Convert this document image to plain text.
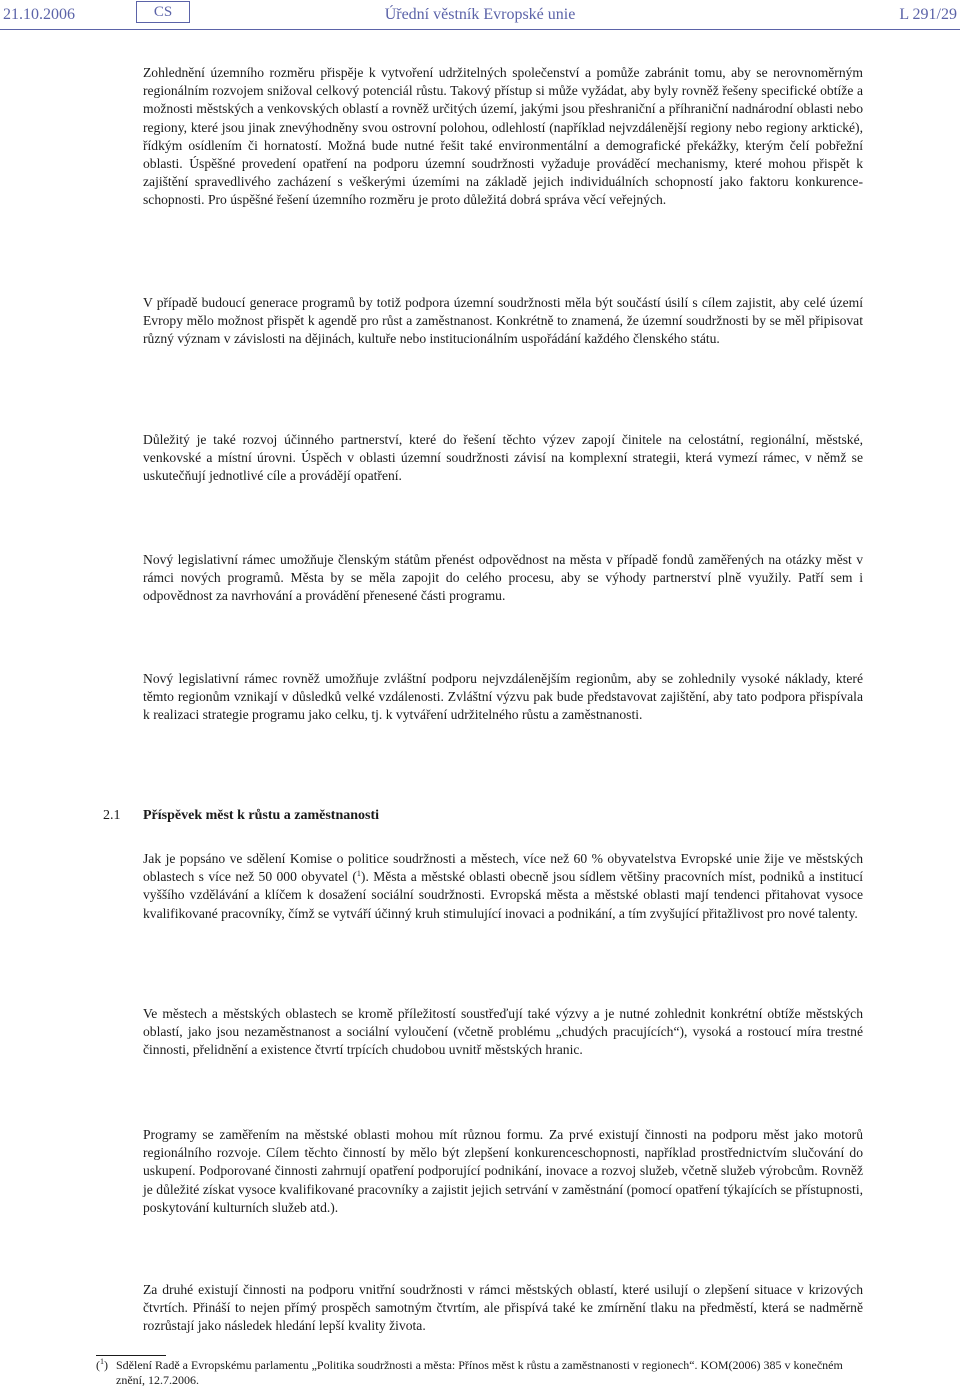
21.10.2006	CS	Úřední věstník Evropské unie	L 291/29

Zohlednění územního rozměru přispěje k vytvoření udržitelných společenství a pomůže zabránit tomu, aby se nerovnoměrným regionálním rozvojem snižoval celkový potenciál růstu. Takový přístup si může vyžádat, aby byly rovněž řešeny specifické obtíže a možnosti městských a venkovských oblastí a rovněž určitých území, jakými jsou přeshraniční a příhraniční nadnárodní oblasti nebo regiony, které jsou jinak znevýhodněny svou ostrovní polohou, odlehlostí (například nejvzdálenější regiony nebo regiony arktické), řídkým osídlením či hornatostí. Možná bude nutné řešit také environmentální a demografické překážky, kterým čelí pobřežní oblasti. Úspěšné provedení opatření na podporu územní soudržnosti vyžaduje prováděcí mechanismy, které mohou přispět k zajištění spravedlivého zacházení s veškerými územími na základě jejich individuálních schopností jako faktoru konkurenceschopnosti. Pro úspěšné řešení územního rozměru je proto důležitá dobrá správa věcí veřejných.

V případě budoucí generace programů by totiž podpora územní soudržnosti měla být součástí úsilí s cílem zajistit, aby celé území Evropy mělo možnost přispět k agendě pro růst a zaměstnanost. Konkrétně to znamená, že územní soudržnosti by se měl připisovat různý význam v závislosti na dějinách, kultuře nebo institucionálním uspořádání každého členského státu.

Důležitý je také rozvoj účinného partnerství, které do řešení těchto výzev zapojí činitele na celostátní, regionální, městské, venkovské a místní úrovni. Úspěch v oblasti územní soudržnosti závisí na komplexní strategii, která vymezí rámec, v němž se uskutečňují jednotlivé cíle a provádějí opatření.

Nový legislativní rámec umožňuje členským státům přenést odpovědnost na města v případě fondů zaměřených na otázky měst v rámci nových programů. Města by se měla zapojit do celého procesu, aby se výhody partnerství plně využily. Patří sem i odpovědnost za navrhování a provádění přenesené části programu.

Nový legislativní rámec rovněž umožňuje zvláštní podporu nejvzdálenějším regionům, aby se zohlednily vysoké náklady, které těmto regionům vznikají v důsledků velké vzdálenosti. Zvláštní výzvu pak bude představovat zajištění, aby tato podpora přispívala k realizaci strategie programu jako celku, tj. k vytváření udržitelného růstu a zaměstnanosti.

2.1 Příspěvek měst k růstu a zaměstnanosti

Jak je popsáno ve sdělení Komise o politice soudržnosti a městech, více než 60 % obyvatelstva Evropské unie žije ve městských oblastech s více než 50 000 obyvatel ($^1$). Města a městské oblasti obecně jsou sídlem většiny pracovních míst, podniků a institucí vyššího vzdělávání a klíčem k dosažení sociální soudržnosti. Evropská města a městské oblasti mají tendenci přitahovat vysoce kvalifikované pracovníky, čímž se vytváří účinný kruh stimulující inovaci a podnikání, a tím zvyšující přitažlivost pro nové talenty.

Ve městech a městských oblastech se kromě příležitostí soustřeďují také výzvy a je nutné zohlednit konkrétní obtíže městských oblastí, jako jsou nezaměstnanost a sociální vyloučení (včetně problému „chudých pracujících“), vysoká a rostoucí míra trestné činnosti, přelidnění a existence čtvrtí trpících chudobou uvnitř městských hranic.

Programy se zaměřením na městské oblasti mohou mít různou formu. Za prvé existují činnosti na podporu měst jako motorů regionálního rozvoje. Cílem těchto činností by mělo být zlepšení konkurenceschopnosti, například prostřednictvím slučování do uskupení. Podporované činnosti zahrnují opatření podporující podnikání, inovace a rozvoj služeb, včetně služeb výrobcům. Rovněž je důležité získat vysoce kvalifikované pracovníky a zajistit jejich setrvání v zaměstnání (pomocí opatření týkajících se přístupnosti, poskytování kulturních služeb atd.).

Za druhé existují činnosti na podporu vnitřní soudržnosti v rámci městských oblastí, které usilují o zlepšení situace v krizových čtvrtích. Přináší to nejen přímý prospěch samotným čtvrtím, ale přispívá také ke zmírnění tlaku na předměstí, která se nadměrně rozrůstají jako následek hledání lepší kvality života.

($^1$) Sdělení Radě a Evropskému parlamentu „Politika soudržnosti a města: Přínos měst k růstu a zaměstnanosti v regionech“. KOM(2006) 385 v konečném znění, 12.7.2006.
